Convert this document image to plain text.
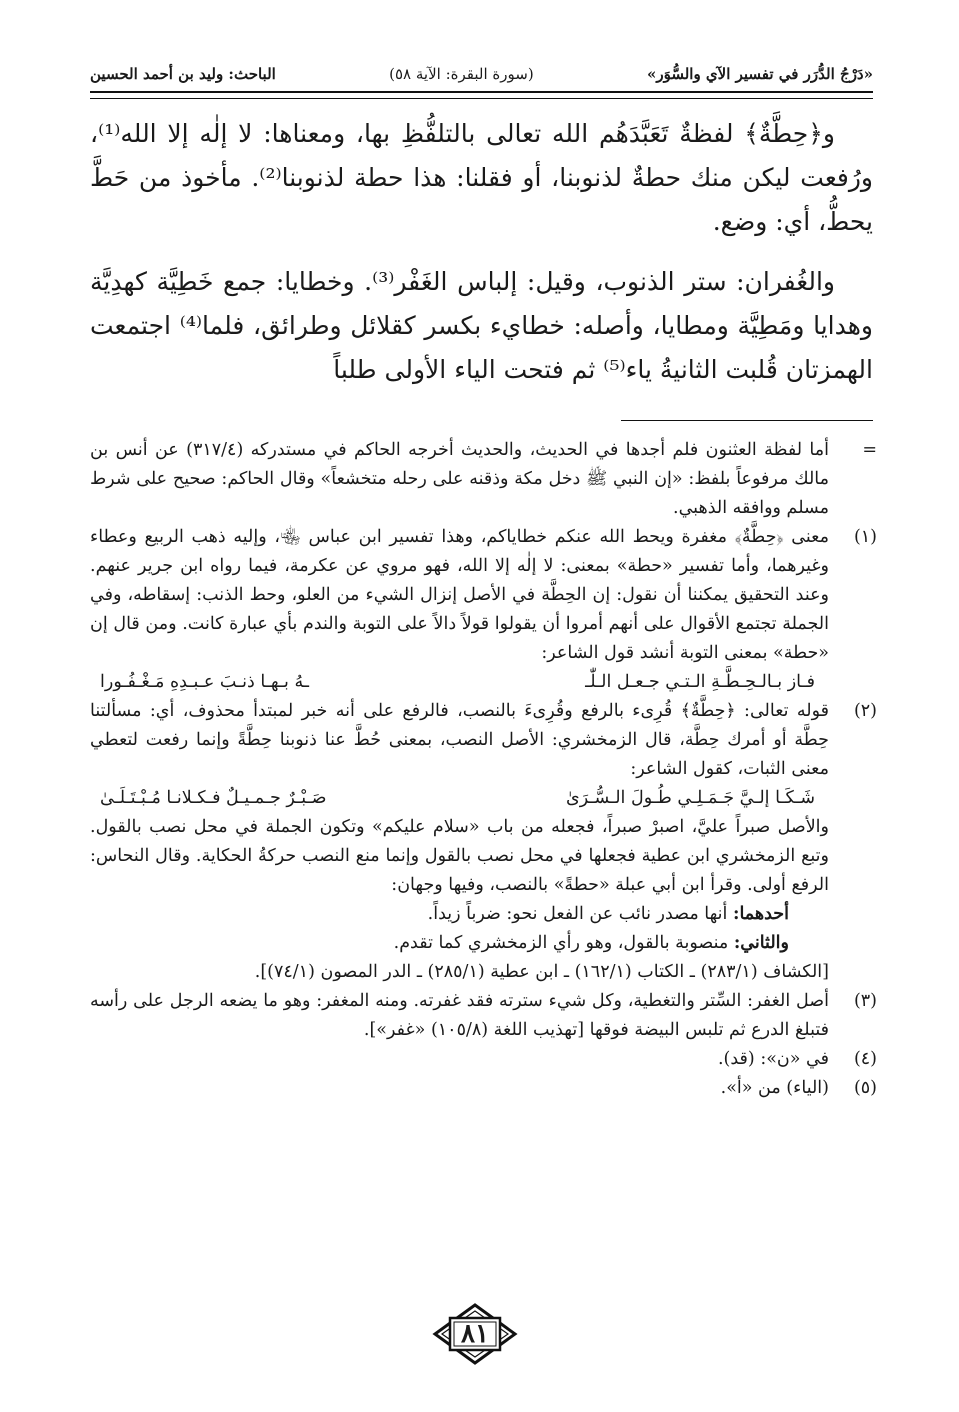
«دَرْجُ الدُّرَر في تفسير الآي والسُّوَر»
(سورة البقرة: الآية ٥٨)
الباحث: وليد بن أحمد الحسين

و﴿حِطَّةٌ﴾ لفظةٌ تَعَبَّدَهُم الله تعالى بالتلفُّظِ بها، ومعناها: لا إلٰه إلا الله⁽¹⁾، ورُفعت ليكن منك حطةٌ لذنوبنا، أو فقلنا: هذا حطة لذنوبنا⁽²⁾. مأخوذ من حَطَّ يحطُّ، أي: وضع.

والغُفران: ستر الذنوب، وقيل: إلباس الغَفْر⁽³⁾. وخطايا: جمع خَطِيَّة كهدِيَّة وهدايا ومَطِيَّة ومطايا، وأصله: خطايء بكسر كقلائل وطرائق، فلما⁽⁴⁾ اجتمعت الهمزتان قُلبت الثانيةُ ياء⁽⁵⁾ ثم فتحت الياء الأولى طلباً

=

أما لفظة العثنون فلم أجدها في الحديث، والحديث أخرجه الحاكم في مستدركه (٣١٧/٤) عن أنس بن مالك مرفوعاً بلفظ: «إن النبي ﷺ دخل مكة وذقنه على رحله متخشعاً» وقال الحاكم: صحيح على شرط مسلم ووافقه الذهبي.

(١)

معنى ﴿حِطَّةٌ﴾ مغفرة ويحط الله عنكم خطاياكم، وهذا تفسير ابن عباس ﵄، وإليه ذهب الربيع وعطاء وغيرهما، وأما تفسير «حطة» بمعنى: لا إلٰه إلا الله، فهو مروي عن عكرمة، فيما رواه ابن جرير عنهم. وعند التحقيق يمكننا أن نقول: إن الحِطَّة في الأصل إنزال الشيء من العلو، وحط الذنب: إسقاطه، وفي الجملة تجتمع الأقوال على أنهم أمروا أن يقولوا قولاً دالاً على التوبة والندم بأي عبارة كانت. ومن قال إن «حطة» بمعنى التوبة أنشد قول الشاعر:

فـاز بـالـحِـطَّـةِ الـتـي جـعـل الـلّٰـ
ـهُ بـهـا ذنـبَ عـبـدِهِ مَـغْـفُـورا
(٢)

قوله تعالى: ﴿حِطَّةٌ﴾ قُرِىء بالرفع وقُرِىءَ بالنصب، فالرفع على أنه خبر لمبتدأ محذوف، أي: مسألتنا حِطَّة أو أمرك حِطَّة، قال الزمخشري: الأصل النصب، بمعنى حُطَّ عنا ذنوبنا حِطَّةً وإنما رفعت لتعطي معنى الثبات، كقول الشاعر:

شَـكَـا إلـيَّ جَـمَـلِـي طُـولَ الـسُّـرَىٰ
صَـبْـرٌ جـمـيـلٌ فـكـلانـا مُـبْـتَـلَـىٰ

والأصل صبراً عليَّ، اصبرْ صبراً، فجعله من باب «سلام عليكم» وتكون الجملة في محل نصب بالقول. وتبع الزمخشري ابن عطية فجعلها في محل نصب بالقول وإنما منع النصب حركةُ الحكاية. وقال النحاس: الرفع أولى. وقرأ ابن أبي عبلة «حطةً» بالنصب، وفيها وجهان:

أحدهما: أنها مصدر نائب عن الفعل نحو: ضرباً زيداً.

والثاني: منصوبة بالقول، وهو رأي الزمخشري كما تقدم.

[الكشاف (٢٨٣/١) ـ الكتاب (١٦٢/١) ـ ابن عطية (٢٨٥/١) ـ الدر المصون (٧٤/١)].

(٣)

أصل الغفر: السِّتر والتغطية، وكل شيء سترته فقد غفرته. ومنه المغفر: وهو ما يضعه الرجل على رأسه فتبلغ الدرع ثم تلبس البيضة فوقها [تهذيب اللغة (١٠٥/٨) «غفر»].

(٤)

في «ن»: (قد).

(٥)

(الياء) من «أ».

٨١
